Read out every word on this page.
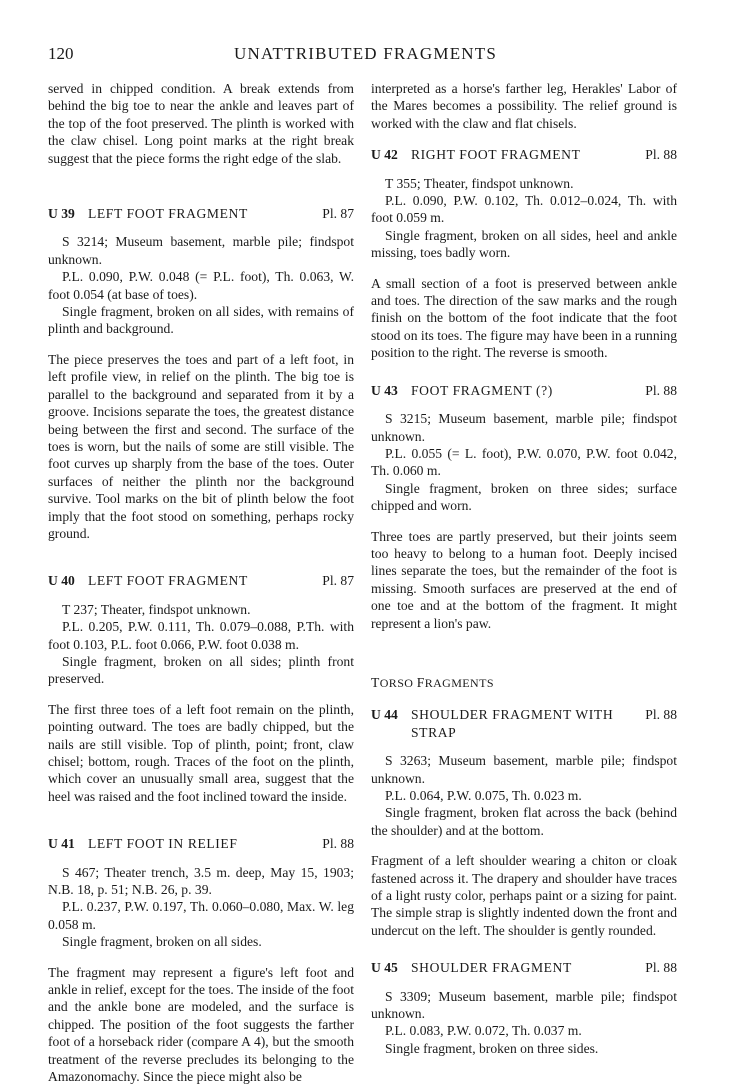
120	UNATTRIBUTED FRAGMENTS

served in chipped condition. A break extends from behind the big toe to near the ankle and leaves part of the top of the foot preserved. The plinth is worked with the claw chisel. Long point marks at the right break suggest that the piece forms the right edge of the slab.

U 39 LEFT FOOT FRAGMENT	Pl. 87

S 3214; Museum basement, marble pile; findspot unknown.

P.L. 0.090, P.W. 0.048 (= P.L. foot), Th. 0.063, W. foot 0.054 (at base of toes).

Single fragment, broken on all sides, with remains of plinth and background.

The piece preserves the toes and part of a left foot, in left profile view, in relief on the plinth. The big toe is parallel to the background and separated from it by a groove. Incisions separate the toes, the greatest distance being between the first and second. The surface of the toes is worn, but the nails of some are still visible. The foot curves up sharply from the base of the toes. Outer surfaces of neither the plinth nor the background survive. Tool marks on the bit of plinth below the foot imply that the foot stood on something, perhaps rocky ground.

U 40 LEFT FOOT FRAGMENT	Pl. 87

T 237; Theater, findspot unknown.

P.L. 0.205, P.W. 0.111, Th. 0.079–0.088, P.Th. with foot 0.103, P.L. foot 0.066, P.W. foot 0.038 m.

Single fragment, broken on all sides; plinth front preserved.

The first three toes of a left foot remain on the plinth, pointing outward. The toes are badly chipped, but the nails are still visible. Top of plinth, point; front, claw chisel; bottom, rough. Traces of the foot on the plinth, which cover an unusually small area, suggest that the heel was raised and the foot inclined toward the inside.

U 41 LEFT FOOT IN RELIEF	Pl. 88

S 467; Theater trench, 3.5 m. deep, May 15, 1903; N.B. 18, p. 51; N.B. 26, p. 39.

P.L. 0.237, P.W. 0.197, Th. 0.060–0.080, Max. W. leg 0.058 m.

Single fragment, broken on all sides.

The fragment may represent a figure's left foot and ankle in relief, except for the toes. The inside of the foot and the ankle bone are modeled, and the surface is chipped. The position of the foot suggests the farther foot of a horseback rider (compare A 4), but the smooth treatment of the reverse precludes its belonging to the Amazonomachy. Since the piece might also be

interpreted as a horse's farther leg, Herakles' Labor of the Mares becomes a possibility. The relief ground is worked with the claw and flat chisels.

U 42 RIGHT FOOT FRAGMENT	Pl. 88

T 355; Theater, findspot unknown.

P.L. 0.090, P.W. 0.102, Th. 0.012–0.024, Th. with foot 0.059 m.

Single fragment, broken on all sides, heel and ankle missing, toes badly worn.

A small section of a foot is preserved between ankle and toes. The direction of the saw marks and the rough finish on the bottom of the foot indicate that the foot stood on its toes. The figure may have been in a running position to the right. The reverse is smooth.

U 43 FOOT FRAGMENT (?)	Pl. 88

S 3215; Museum basement, marble pile; findspot unknown.

P.L. 0.055 (= L. foot), P.W. 0.070, P.W. foot 0.042, Th. 0.060 m.

Single fragment, broken on three sides; surface chipped and worn.

Three toes are partly preserved, but their joints seem too heavy to belong to a human foot. Deeply incised lines separate the toes, but the remainder of the foot is missing. Smooth surfaces are preserved at the end of one toe and at the bottom of the fragment. It might represent a lion's paw.

TORSO FRAGMENTS
U 44 SHOULDER FRAGMENT WITH STRAP
Pl. 88

S 3263; Museum basement, marble pile; findspot unknown.

P.L. 0.064, P.W. 0.075, Th. 0.023 m.

Single fragment, broken flat across the back (behind the shoulder) and at the bottom.

Fragment of a left shoulder wearing a chiton or cloak fastened across it. The drapery and shoulder have traces of a light rusty color, perhaps paint or a sizing for paint. The simple strap is slightly indented down the front and undercut on the left. The shoulder is gently rounded.

U 45 SHOULDER FRAGMENT	Pl. 88

S 3309; Museum basement, marble pile; findspot unknown.

P.L. 0.083, P.W. 0.072, Th. 0.037 m.

Single fragment, broken on three sides.
